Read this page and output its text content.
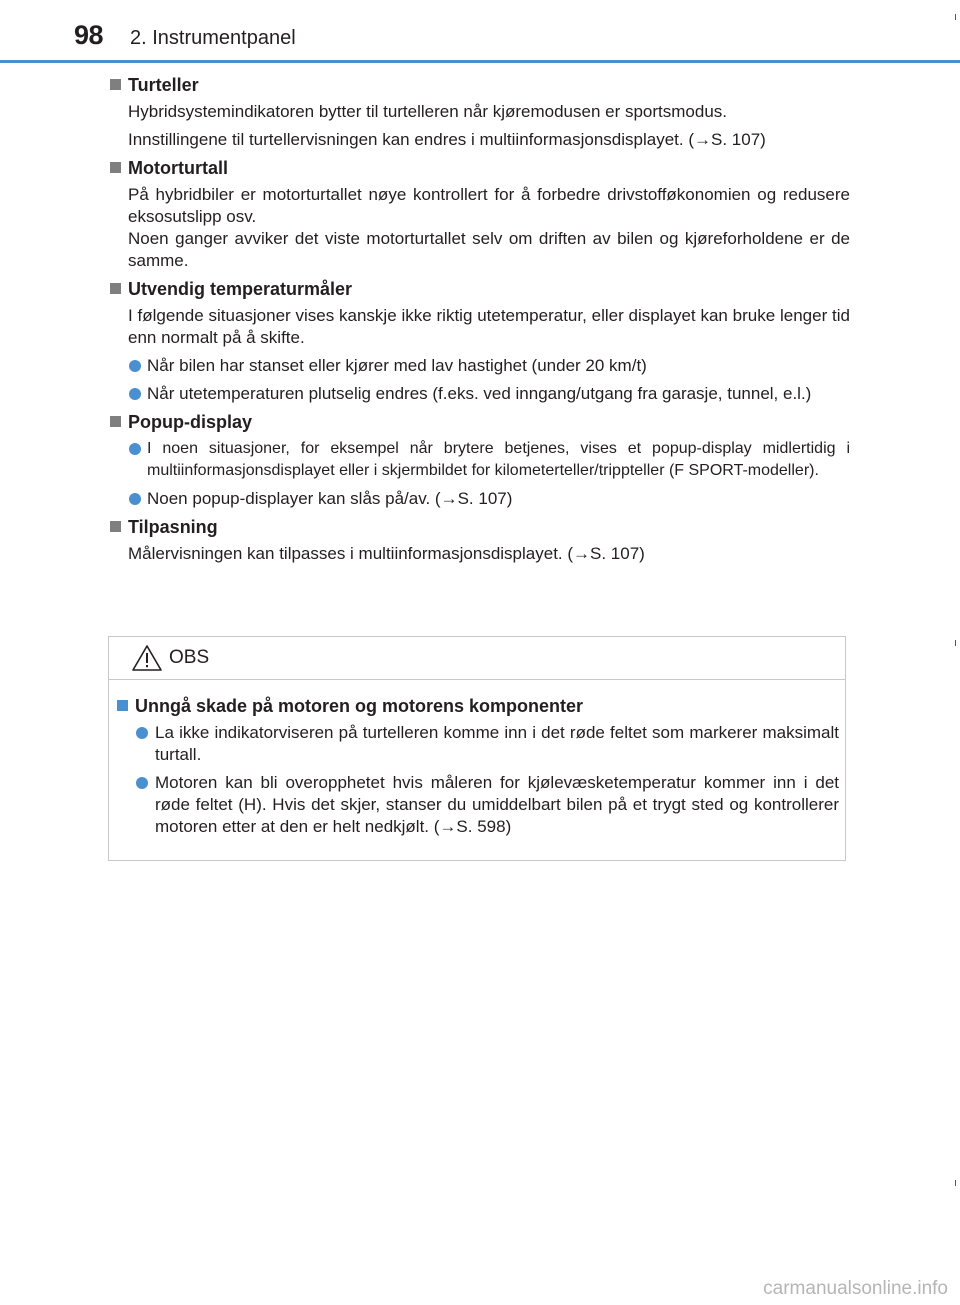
98 2. Instrumentpanel
Turteller
Hybridsystemindikatoren bytter til turtelleren når kjøremodusen er sportsmodus.
Innstillingene til turtellervisningen kan endres i multiinformasjonsdisplayet. (→S. 107)
Motorturtall
På hybridbiler er motorturtallet nøye kontrollert for å forbedre drivstofføkonomien og redusere eksosutslipp osv.
Noen ganger avviker det viste motorturtallet selv om driften av bilen og kjøreforholdene er de samme.
Utvendig temperaturmåler
I følgende situasjoner vises kanskje ikke riktig utetemperatur, eller displayet kan bruke lenger tid enn normalt på å skifte.
Når bilen har stanset eller kjører med lav hastighet (under 20 km/t)
Når utetemperaturen plutselig endres (f.eks. ved inngang/utgang fra garasje, tunnel, e.l.)
Popup-display
I noen situasjoner, for eksempel når brytere betjenes, vises et popup-display midlertidig i multiinformasjonsdisplayet eller i skjermbildet for kilometerteller/trippteller (F SPORT-modeller).
Noen popup-displayer kan slås på/av. (→S. 107)
Tilpasning
Målervisningen kan tilpasses i multiinformasjonsdisplayet. (→S. 107)
OBS
Unngå skade på motoren og motorens komponenter
La ikke indikatorviseren på turtelleren komme inn i det røde feltet som markerer maksimalt turtall.
Motoren kan bli overopphetet hvis måleren for kjølevæsketemperatur kommer inn i det røde feltet (H). Hvis det skjer, stanser du umiddelbart bilen på et trygt sted og kontrollerer motoren etter at den er helt nedkjølt. (→S. 598)
carmanualsonline.info
